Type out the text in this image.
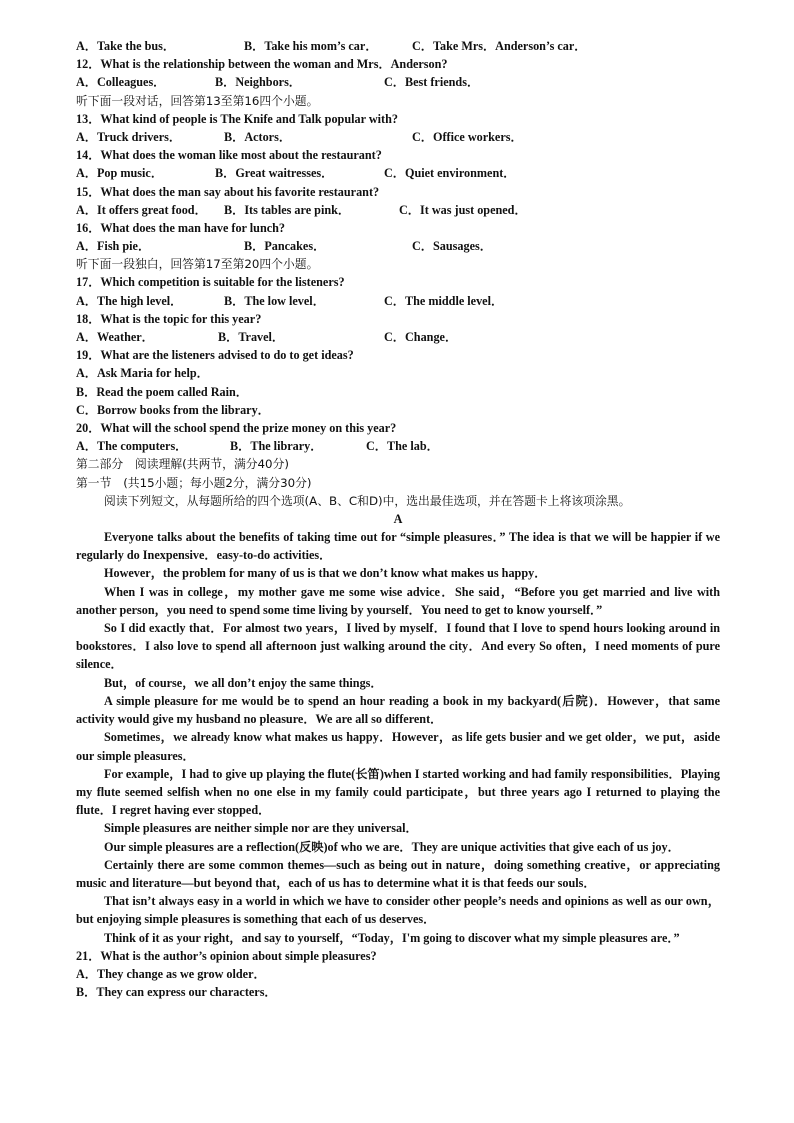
A．Take the bus．	B．Take his mom’s car．	C．Take Mrs．Anderson’s car．
12．What is the relationship between the woman and Mrs．Anderson?
A．Colleagues．	B．Neighbors．	C．Best friends．
听下面一段对话，回答第13至第16四个小题。
13．What kind of people is The Knife and Talk popular with?
A．Truck drivers．	B．Actors．	C．Office workers．
14．What does the woman like most about the restaurant?
A．Pop music．	B．Great waitresses．	C．Quiet environment．
15．What does the man say about his favorite restaurant?
A．It offers great food． B．Its tables are pink．	C．It was just opened．
16．What does the man have for lunch?
A．Fish pie．	B．Pancakes．	C．Sausages．
听下面一段独白，回答第17至第20四个小题。
17．Which competition is suitable for the listeners?
A．The high level．	B．The low level．	C．The middle level．
18．What is the topic for this year?
A．Weather．	B．Travel．	C．Change．
19．What are the listeners advised to do to get ideas?
A．Ask Maria for help．
B．Read the poem called Rain．
C．Borrow books from the library．
20．What will the school spend the prize money on this year?
A．The computers．	B．The library．	C．The lab．
第二部分　阅读理解(共两节，满分40分)
第一节　(共15小题；每小题2分，满分30分)
阅读下列短文，从每题所给的四个选项(A、B、C和D)中，选出最佳选项，并在答题卡上将该项涂黑。
A
Everyone talks about the benefits of taking time out for “simple pleasures．” The idea is that we will be happier if we regularly do Inexpensive．easy-to-do activities．
However，the problem for many of us is that we don’t know what makes us happy．
When I was in college，my mother gave me some wise advice．She said，“Before you get married and live with another person，you need to spend some time living by yourself．You need to get to know yourself．”
So I did exactly that．For almost two years，I lived by myself．I found that I love to spend hours looking around in bookstores．I also love to spend all afternoon just walking around the city．And every So often，I need moments of pure silence．
But，of course，we all don’t enjoy the same things．
A simple pleasure for me would be to spend an hour reading a book in my backyard(后院)．However，that same activity would give my husband no pleasure．We are all so different．
Sometimes，we already know what makes us happy．However，as life gets busier and we get older，we put，aside our simple pleasures．
For example，I had to give up playing the flute(长笛)when I started working and had family responsibilities．Playing my flute seemed selfish when no one else in my family could participate，but three years ago I returned to playing the flute．I regret having ever stopped．
Simple pleasures are neither simple nor are they universal．
Our simple pleasures are a reflection(反映)of who we are．They are unique activities that give each of us joy．
Certainly there are some common themes—such as being out in nature，doing something creative，or appreciating music and literature—but beyond that，each of us has to determine what it is that feeds our souls．
That isn’t always easy in a world in which we have to consider other people’s needs and opinions as well as our own，but enjoying simple pleasures is something that each of us deserves．
Think of it as your right，and say to yourself，“Today，I'm going to discover what my simple pleasures are．”
21．What is the author’s opinion about simple pleasures?
A．They change as we grow older．
B．They can express our characters．
